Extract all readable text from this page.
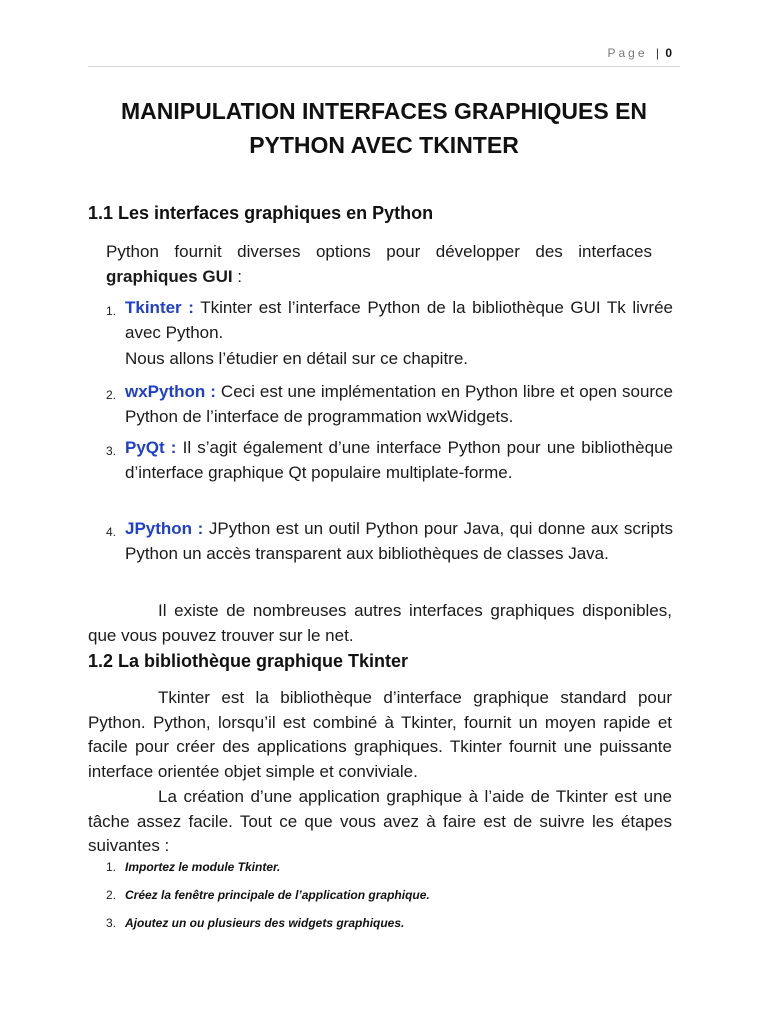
Page | 0
MANIPULATION INTERFACES GRAPHIQUES EN
PYTHON AVEC TKINTER
1.1 Les interfaces graphiques en Python
Python fournit diverses options pour développer des interfaces
graphiques GUI :
1. Tkinter : Tkinter est l’interface Python de la bibliothèque GUI Tk livrée avec Python.
Nous allons l’étudier en détail sur ce chapitre.
2. wxPython : Ceci est une implémentation en Python libre et open source Python de l’interface de programmation wxWidgets.
3. PyQt : Il s’agit également d’une interface Python pour une bibliothèque d’interface graphique Qt populaire multiplate-forme.
4. JPython : JPython est un outil Python pour Java, qui donne aux scripts Python un accès transparent aux bibliothèques de classes Java.
Il existe de nombreuses autres interfaces graphiques disponibles, que vous pouvez trouver sur le net.
1.2 La bibliothèque graphique Tkinter
Tkinter est la bibliothèque d’interface graphique standard pour Python. Python, lorsqu’il est combiné à Tkinter, fournit un moyen rapide et facile pour créer des applications graphiques. Tkinter fournit une puissante interface orientée objet simple et conviviale.
La création d’une application graphique à l’aide de Tkinter est une tâche assez facile. Tout ce que vous avez à faire est de suivre les étapes suivantes :
1. Importez le module Tkinter.
2. Créez la fenêtre principale de l’application graphique.
3. Ajoutez un ou plusieurs des widgets graphiques.
